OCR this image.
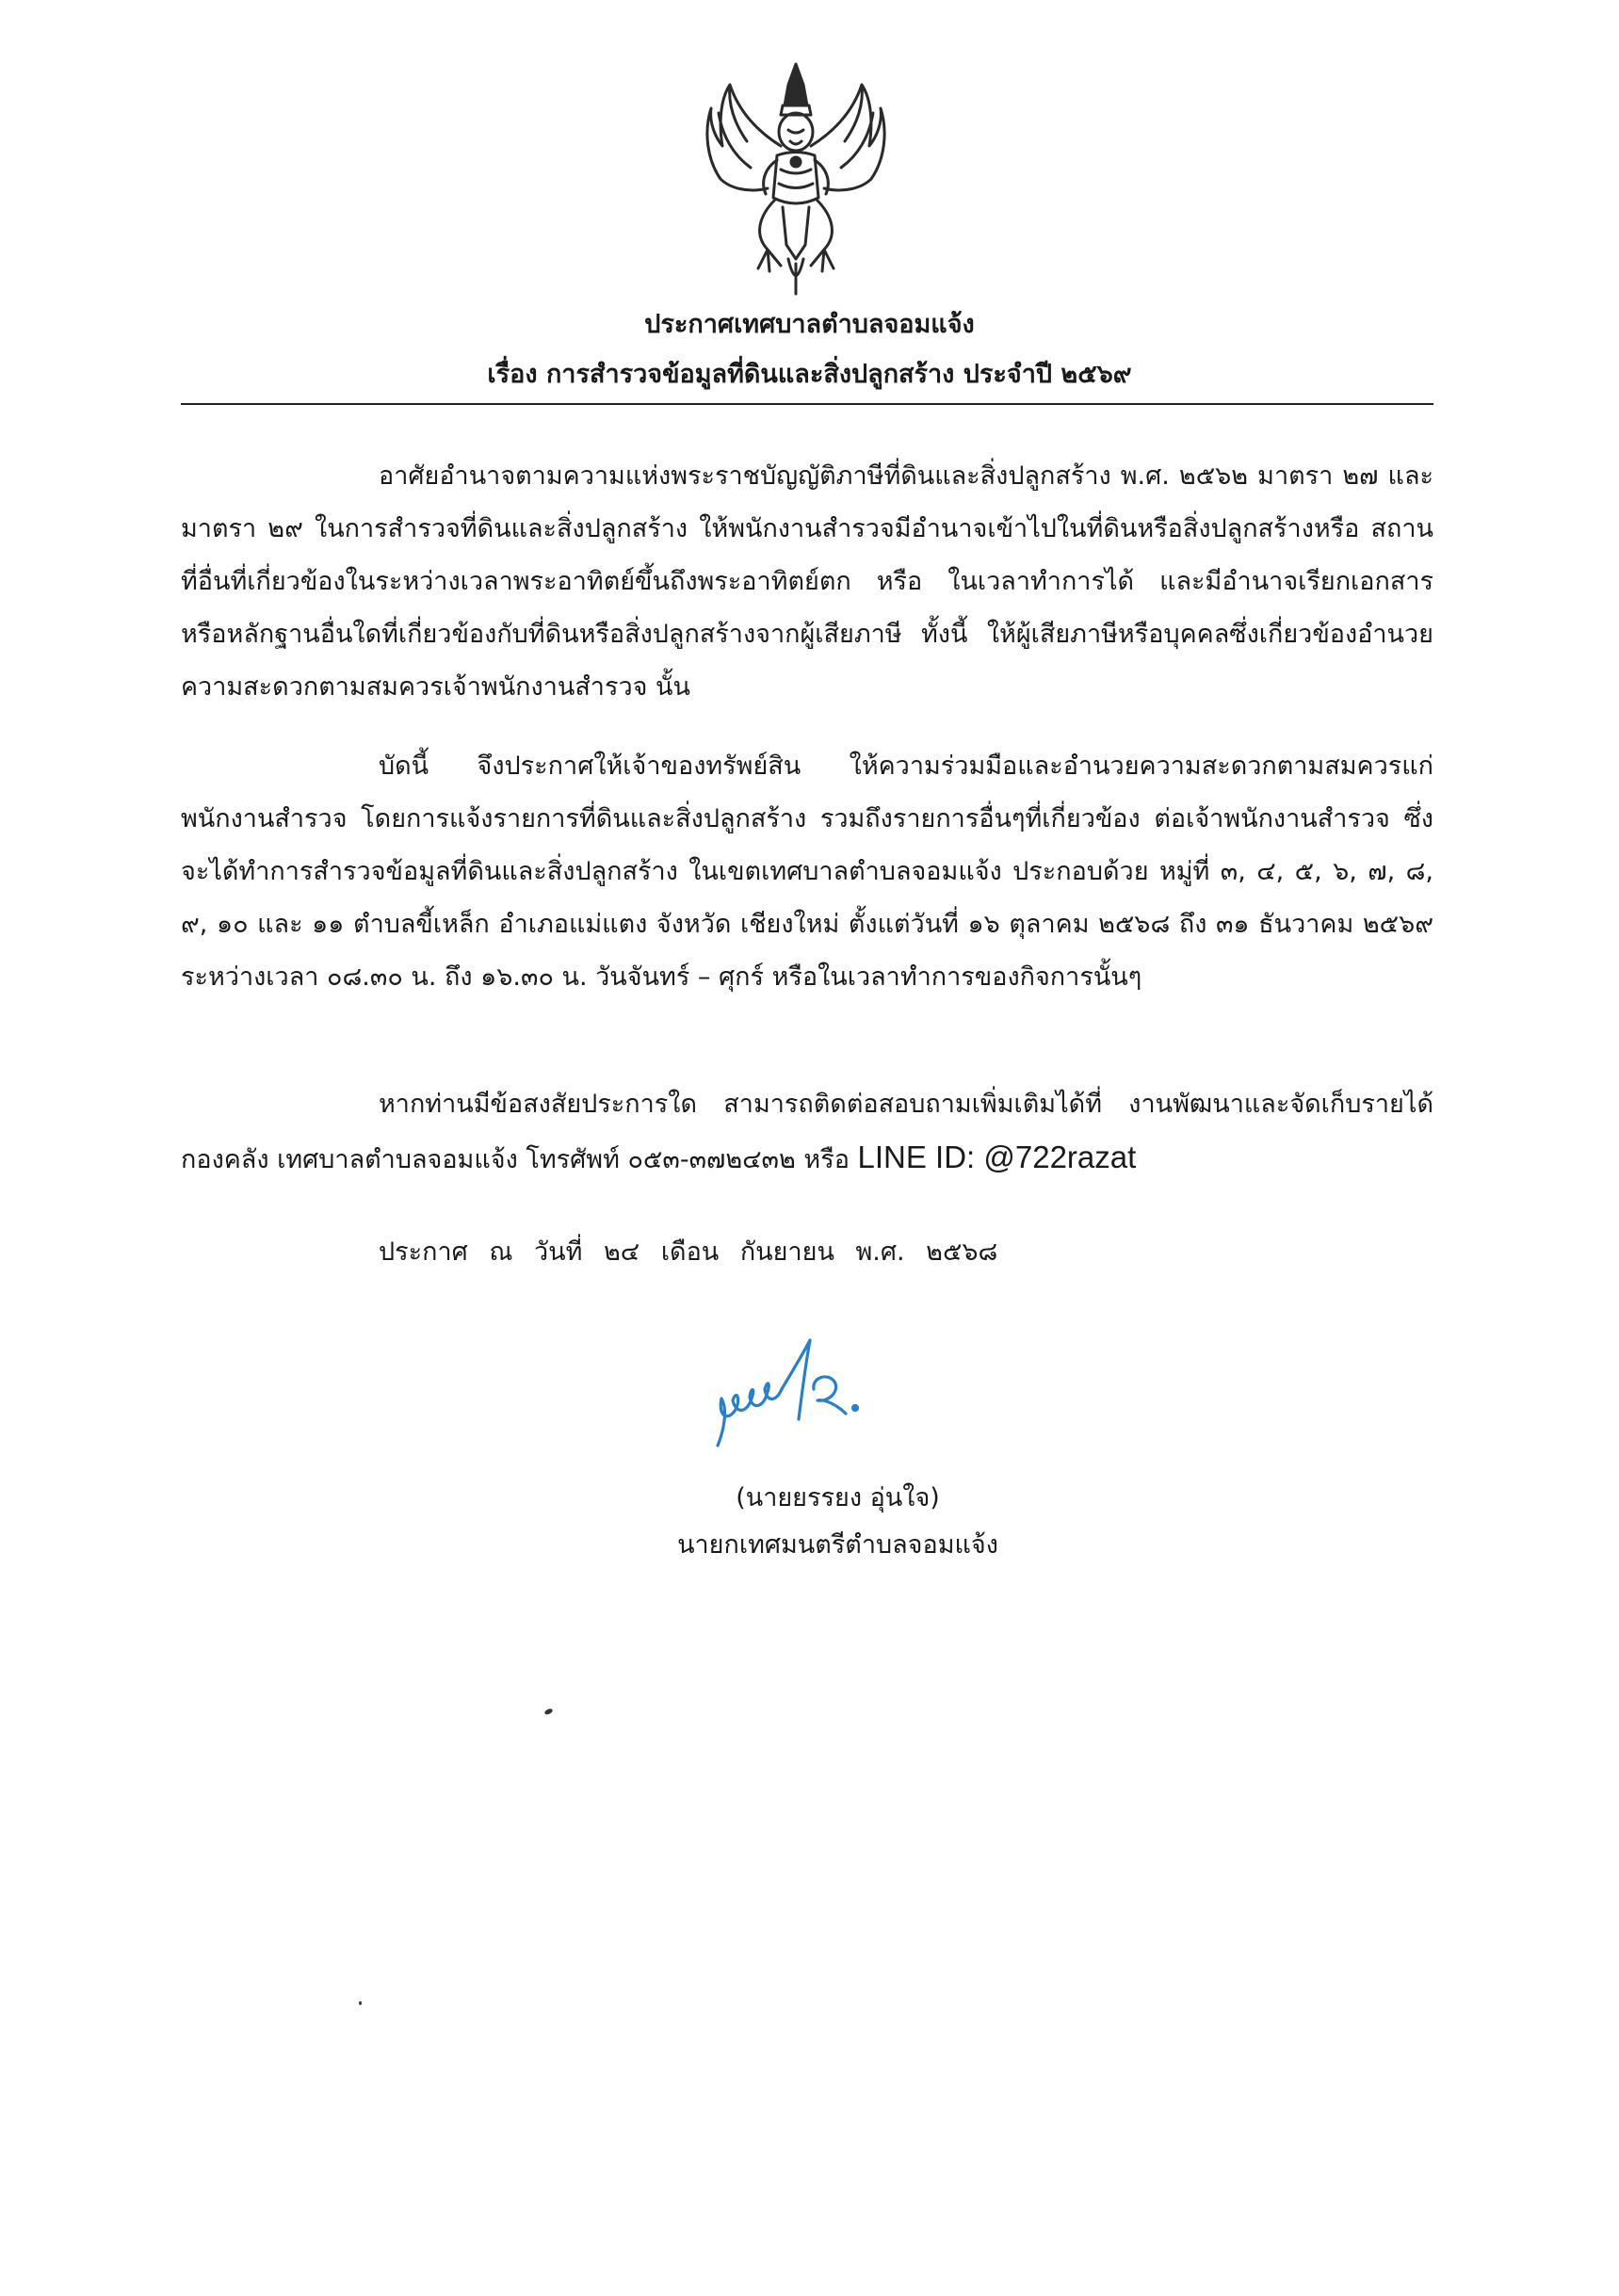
ประกาศเทศบาลตำบลจอมแจ้ง
เรื่อง การสำรวจข้อมูลที่ดินและสิ่งปลูกสร้าง ประจำปี ๒๕๖๙

อาศัยอำนาจตามความแห่งพระราชบัญญัติภาษีที่ดินและสิ่งปลูกสร้าง พ.ศ. ๒๕๖๒ มาตรา ๒๗ และมาตรา ๒๙ ในการสำรวจที่ดินและสิ่งปลูกสร้าง ให้พนักงานสำรวจมีอำนาจเข้าไปในที่ดินหรือสิ่งปลูกสร้างหรือ สถานที่อื่นที่เกี่ยวข้องในระหว่างเวลาพระอาทิตย์ขึ้นถึงพระอาทิตย์ตก หรือ ในเวลาทำการได้ และมีอำนาจเรียกเอกสาร หรือหลักฐานอื่นใดที่เกี่ยวข้องกับที่ดินหรือสิ่งปลูกสร้างจากผู้เสียภาษี ทั้งนี้ ให้ผู้เสียภาษีหรือบุคคลซึ่งเกี่ยวข้องอำนวยความสะดวกตามสมควรเจ้าพนักงานสำรวจ นั้น

บัดนี้ จึงประกาศให้เจ้าของทรัพย์สิน ให้ความร่วมมือและอำนวยความสะดวกตามสมควรแก่พนักงานสำรวจ โดยการแจ้งรายการที่ดินและสิ่งปลูกสร้าง รวมถึงรายการอื่นๆที่เกี่ยวข้อง ต่อเจ้าพนักงานสำรวจ ซึ่งจะได้ทำการสำรวจข้อมูลที่ดินและสิ่งปลูกสร้าง ในเขตเทศบาลตำบลจอมแจ้ง ประกอบด้วย หมู่ที่ ๓, ๔, ๕, ๖, ๗, ๘, ๙, ๑๐ และ ๑๑ ตำบลขี้เหล็ก อำเภอแม่แตง จังหวัด เชียงใหม่ ตั้งแต่วันที่ ๑๖ ตุลาคม ๒๕๖๘ ถึง ๓๑ ธันวาคม ๒๕๖๙ ระหว่างเวลา ๐๘.๓๐ น. ถึง ๑๖.๓๐ น. วันจันทร์ – ศุกร์ หรือในเวลาทำการของกิจการนั้นๆ

หากท่านมีข้อสงสัยประการใด สามารถติดต่อสอบถามเพิ่มเติมได้ที่ งานพัฒนาและจัดเก็บรายได้ กองคลัง เทศบาลตำบลจอมแจ้ง โทรศัพท์ ๐๕๓-๓๗๒๔๓๒ หรือ LINE ID: @722razat

ประกาศ ณ วันที่ ๒๔ เดือน กันยายน พ.ศ. ๒๕๖๘
(นายยรรยง อุ่นใจ)
นายกเทศมนตรีตำบลจอมแจ้ง
